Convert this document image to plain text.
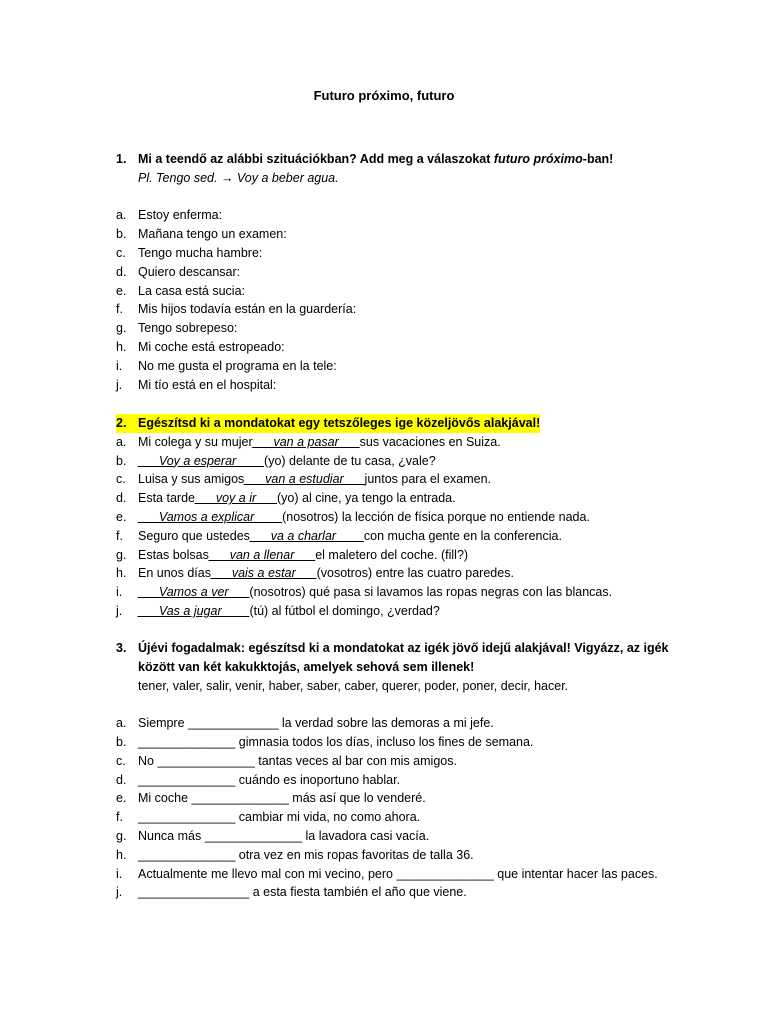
Futuro próximo, futuro
1. Mi a teendő az alábbi szituációkban? Add meg a válaszokat futuro próximo-ban!
Pl. Tengo sed. → Voy a beber agua.
a. Estoy enferma:
b. Mañana tengo un examen:
c. Tengo mucha hambre:
d. Quiero descansar:
e. La casa está sucia:
f.	Mis hijos todavía están en la guardería:
g. Tengo sobrepeso:
h. Mi coche está estropeado:
i.	No me gusta el programa en la tele:
j.	Mi tío está en el hospital:
2. Egészítsd ki a mondatokat egy tetszőleges ige közeljövős alakjával!
a. Mi colega y su mujer ___van a pasar___ sus vacaciones en Suiza.
b. ___Voy a esperar____ (yo) delante de tu casa, ¿vale?
c. Luisa y sus amigos ___van a estudiar___ juntos para el examen.
d. Esta tarde ___voy a ir___ (yo) al cine, ya tengo la entrada.
e. ___Vamos a explicar____ (nosotros) la lección de física porque no entiende nada.
f.	Seguro que ustedes ___va a charlar____ con mucha gente en la conferencia.
g. Estas bolsas ___van a llenar___ el maletero del coche. (fill?)
h. En unos días ___vais a estar___ (vosotros) entre las cuatro paredes.
i.	___Vamos a ver___ (nosotros) qué pasa si lavamos las ropas negras con las blancas.
j.	___Vas a jugar____ (tú) al fútbol el domingo, ¿verdad?
3. Újévi fogadalmak: egészítsd ki a mondatokat az igék jövő idejű alakjával! Vigyázz, az igék
között van két kakukktojás, amelyek sehová sem illenek!
tener, valer, salir, venir, haber, saber, caber, querer, poder, poner, decir, hacer.
a. Siempre _____________ la verdad sobre las demoras a mi jefe.
b. ______________ gimnasia todos los días, incluso los fines de semana.
c. No ______________ tantas veces al bar con mis amigos.
d. ______________ cuándo es inoportuno hablar.
e. Mi coche ______________ más así que lo venderé.
f.	______________ cambiar mi vida, no como ahora.
g. Nunca más ______________ la lavadora casi vacía.
h. ______________ otra vez en mis ropas favoritas de talla 36.
i.	Actualmente me llevo mal con mi vecino, pero ______________ que intentar hacer las paces.
j.	________________ a esta fiesta también el año que viene.
